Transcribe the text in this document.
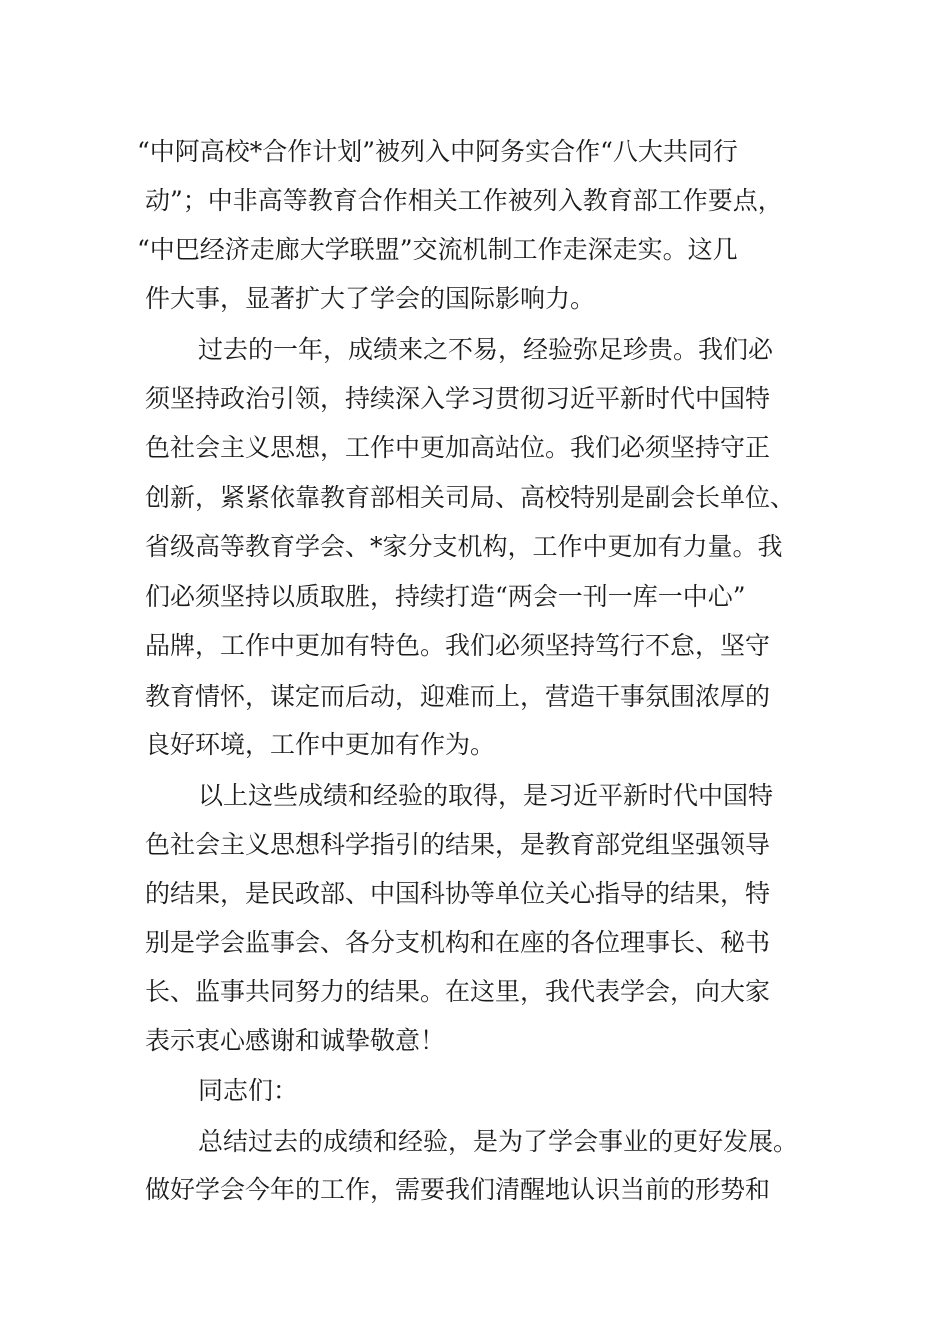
“中阿高校*合作计划”被列入中阿务实合作“八大共同行
动”；中非高等教育合作相关工作被列入教育部工作要点，
“中巴经济走廊大学联盟”交流机制工作走深走实。这几
件大事，显著扩大了学会的国际影响力。
过去的一年，成绩来之不易，经验弥足珍贵。我们必
须坚持政治引领，持续深入学习贯彻习近平新时代中国特
色社会主义思想，工作中更加高站位。我们必须坚持守正
创新，紧紧依靠教育部相关司局、高校特别是副会长单位、
省级高等教育学会、*家分支机构，工作中更加有力量。我
们必须坚持以质取胜，持续打造“两会一刊一库一中心”
品牌，工作中更加有特色。我们必须坚持笃行不怠，坚守
教育情怀，谋定而后动，迎难而上，营造干事氛围浓厚的
良好环境，工作中更加有作为。
以上这些成绩和经验的取得，是习近平新时代中国特
色社会主义思想科学指引的结果，是教育部党组坚强领导
的结果，是民政部、中国科协等单位关心指导的结果，特
别是学会监事会、各分支机构和在座的各位理事长、秘书
长、监事共同努力的结果。在这里，我代表学会，向大家
表示衷心感谢和诚挚敬意！
同志们：
总结过去的成绩和经验，是为了学会事业的更好发展。
做好学会今年的工作，需要我们清醒地认识当前的形势和
